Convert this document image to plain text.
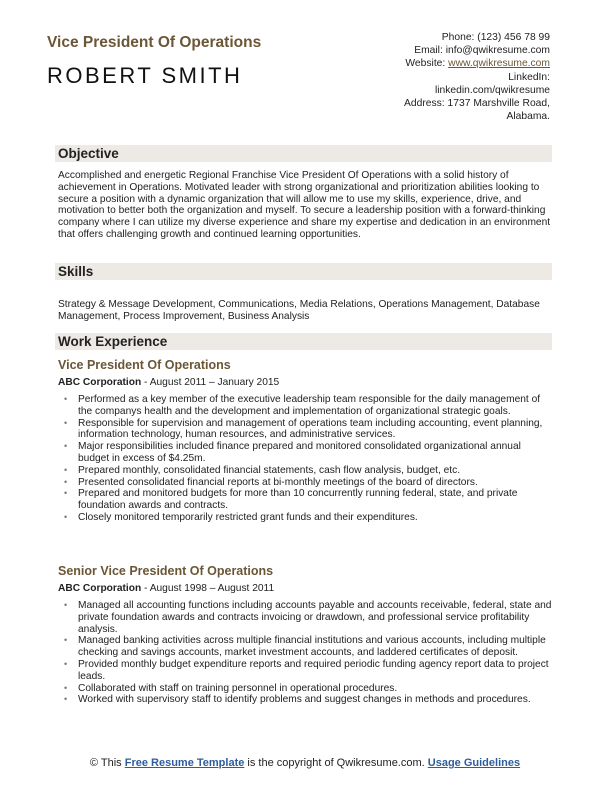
Vice President Of Operations
ROBERT SMITH
Phone: (123) 456 78 99
Email: info@qwikresume.com
Website: www.qwikresume.com
LinkedIn:
linkedin.com/qwikresume
Address: 1737 Marshville Road,
Alabama.
Objective
Accomplished and energetic Regional Franchise Vice President Of Operations with a solid history of achievement in Operations. Motivated leader with strong organizational and prioritization abilities looking to secure a position with a dynamic organization that will allow me to use my skills, experience, drive, and motivation to better both the organization and myself. To secure a leadership position with a forward-thinking company where I can utilize my diverse experience and share my expertise and dedication in an environment that offers challenging growth and continued learning opportunities.
Skills
Strategy & Message Development, Communications, Media Relations, Operations Management, Database Management, Process Improvement, Business Analysis
Work Experience
Vice President Of Operations
ABC Corporation - August 2011 – January 2015
• Performed as a key member of the executive leadership team responsible for the daily management of the companys health and the development and implementation of organizational strategic goals.
• Responsible for supervision and management of operations team including accounting, event planning, information technology, human resources, and administrative services.
• Major responsibilities included finance prepared and monitored consolidated organizational annual budget in excess of $4.25m.
• Prepared monthly, consolidated financial statements, cash flow analysis, budget, etc.
• Presented consolidated financial reports at bi-monthly meetings of the board of directors.
• Prepared and monitored budgets for more than 10 concurrently running federal, state, and private foundation awards and contracts.
• Closely monitored temporarily restricted grant funds and their expenditures.
Senior Vice President Of Operations
ABC Corporation - August 1998 – August 2011
• Managed all accounting functions including accounts payable and accounts receivable, federal, state and private foundation awards and contracts invoicing or drawdown, and professional service profitability analysis.
• Managed banking activities across multiple financial institutions and various accounts, including multiple checking and savings accounts, market investment accounts, and laddered certificates of deposit.
• Provided monthly budget expenditure reports and required periodic funding agency report data to project leads.
• Collaborated with staff on training personnel in operational procedures.
• Worked with supervisory staff to identify problems and suggest changes in methods and procedures.
© This Free Resume Template is the copyright of Qwikresume.com. Usage Guidelines
